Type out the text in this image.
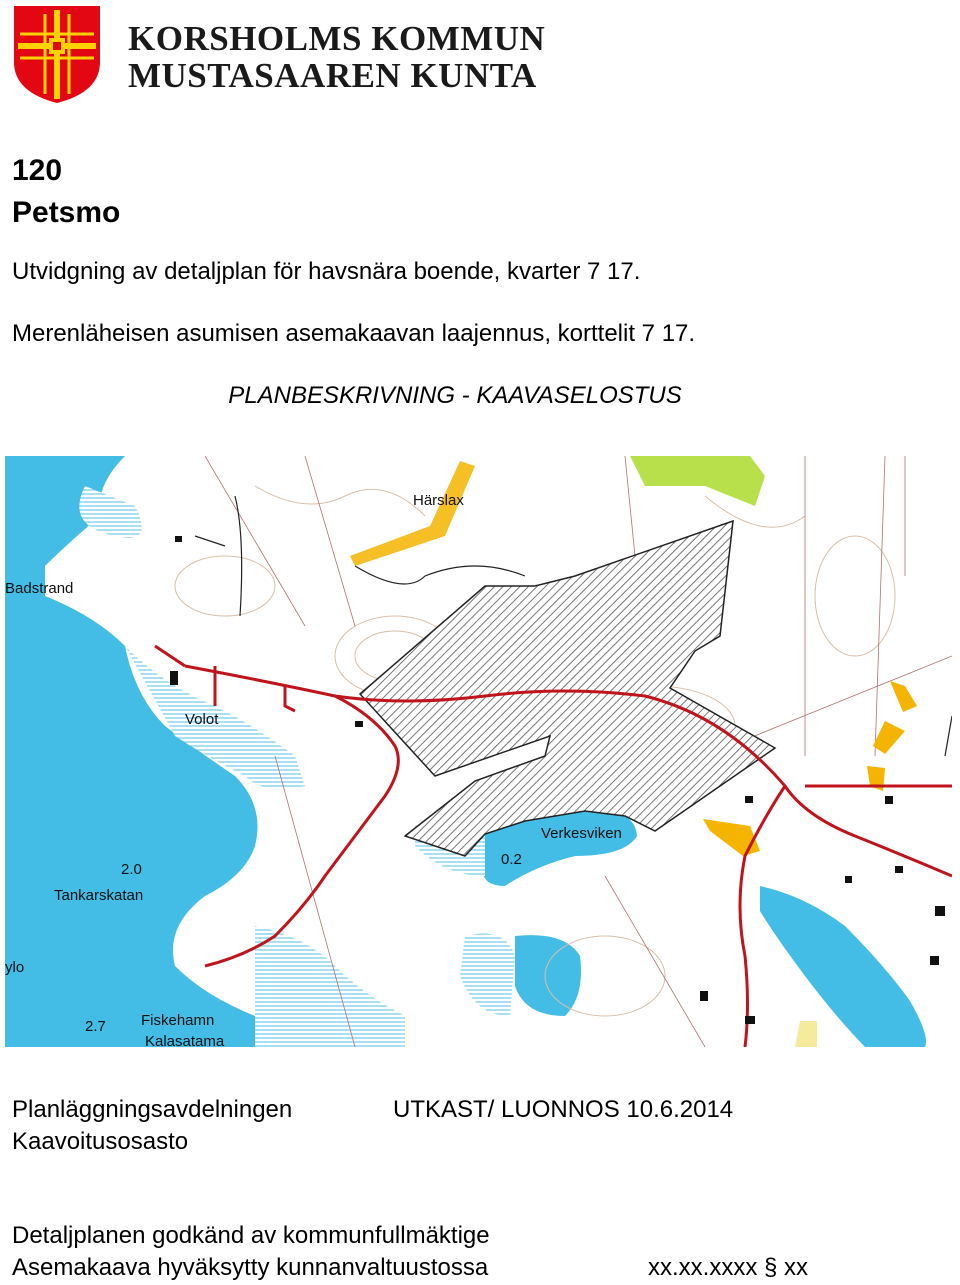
KORSHOLMS KOMMUN
MUSTASAAREN KUNTA
120
Petsmo
Utvidgning av detaljplan för havsnära boende, kvarter 7 17.
Merenläheisen asumisen asemakaavan laajennus, korttelit 7 17.
PLANBESKRIVNING - KAAVASELOSTUS
Härslax
Badstrand
Volot
Verkesviken
0.2
2.0
Tankarskatan
ylo
2.7 Fiskehamn
Kalasatama
Planläggningsavdelningen
Kaavoitusosasto
UTKAST/ LUONNOS 10.6.2014
Detaljplanen godkänd av kommunfullmäktige
Asemakaava hyväksytty kunnanvaltuustossa	xx.xx.xxxx § xx
